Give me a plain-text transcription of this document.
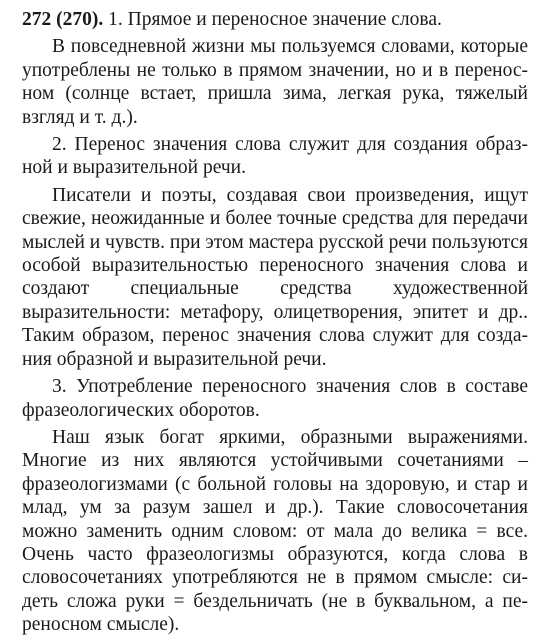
272 (270). 1. Прямое и переносное значение слова.

В повседневной жизни мы пользуемся словами, которые употреблены не только в прямом значении, но и в переносном (солнце встает, пришла зима, легкая рука, тяжелый взгляд и т. д.).

2. Перенос значения слова служит для создания образной и выразительной речи.

Писатели и поэты, создавая свои произведения, ищут свежие, неожиданные и более точные средства для передачи мыслей и чувств. при этом мастера русской речи пользуются особой выразительностью переносного значения слова и создают специальные средства художественной выразительности: метафору, олицетворения, эпитет и др.. Таким образом, перенос значения слова служит для создания образной и выразительной речи.

3. Употребление переносного значения слов в составе фразеологических оборотов.

Наш язык богат яркими, образными выражениями. Многие из них являются устойчивыми сочетаниями – фразеологизмами (с больной головы на здоровую, и стар и млад, ум за разум зашел и др.). Такие словосочетания можно заменить одним словом: от мала до велика = все. Очень часто фразеологизмы образуются, когда слова в словосочетаниях употребляются не в прямом смысле: сидеть сложа руки = бездельничать (не в буквальном, а переносном смысле).
